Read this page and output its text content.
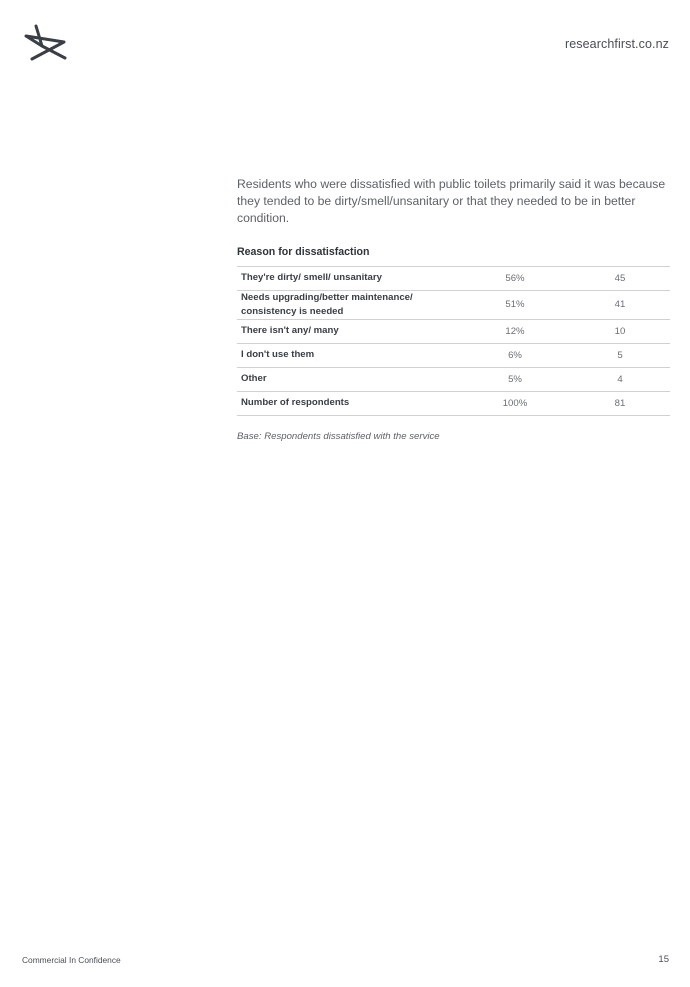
researchfirst.co.nz

Residents who were dissatisfied with public toilets primarily said it was because they tended to be dirty/smell/unsanitary or that they needed to be in better condition.

Reason for dissatisfaction
They're dirty/ smell/ unsanitary	56%	45
Needs upgrading/better maintenance/ consistency is needed	51%	41
There isn't any/ many	12%	10
I don't use them	6%	5
Other	5%	4
Number of respondents	100%	81
Base: Respondents dissatisfied with the service
Commercial In Confidence	15
